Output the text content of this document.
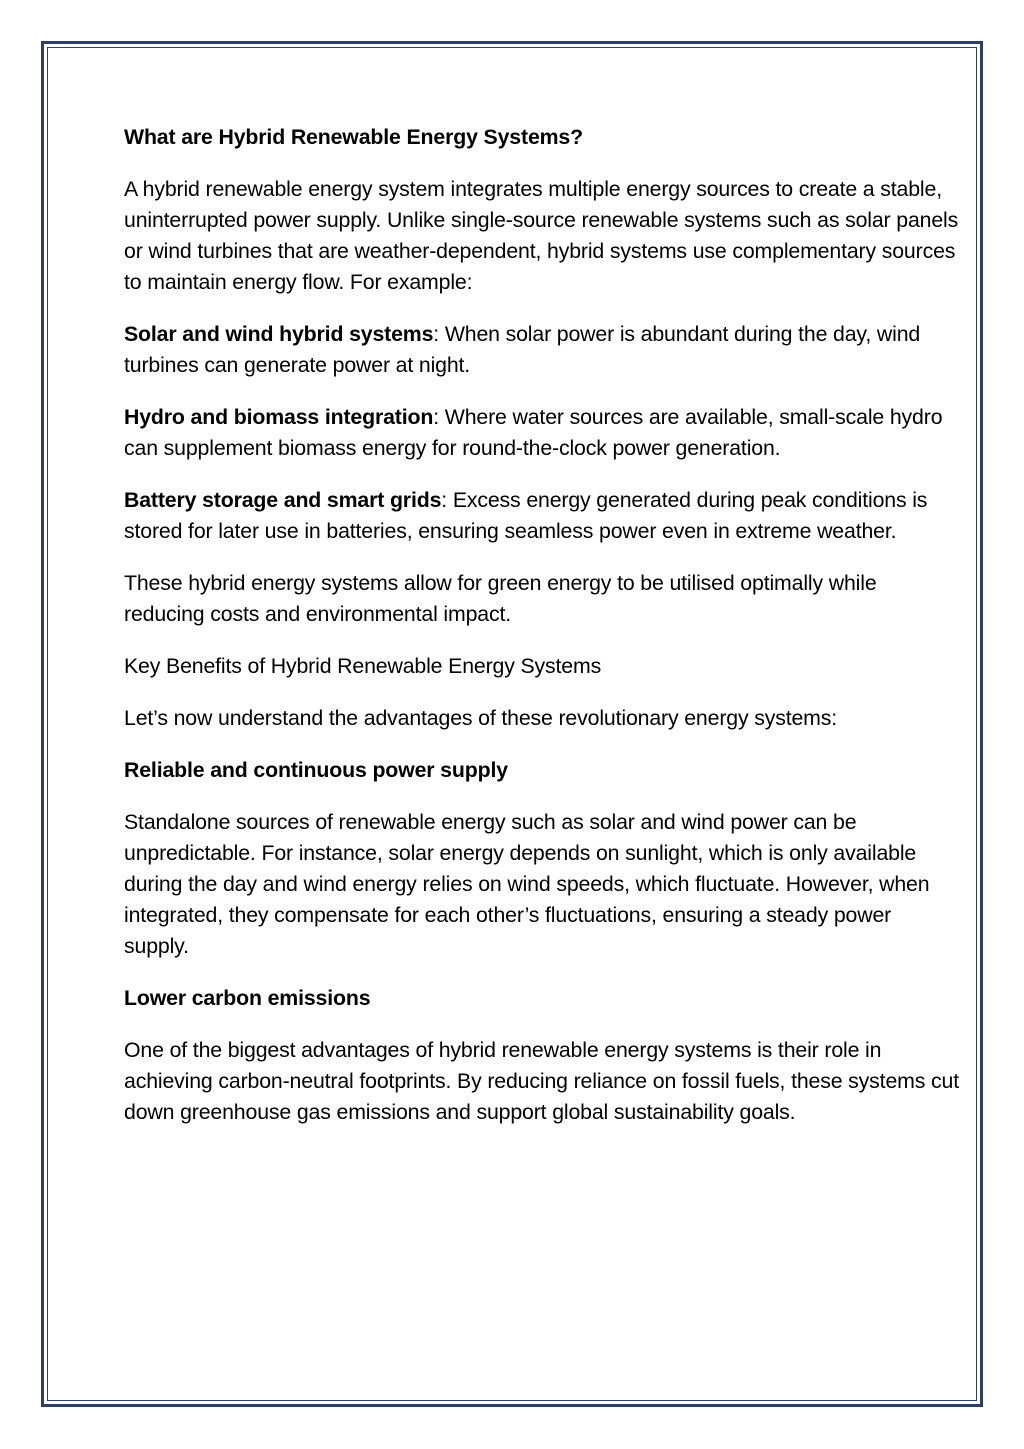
What are Hybrid Renewable Energy Systems?

A hybrid renewable energy system integrates multiple energy sources to create a stable, uninterrupted power supply. Unlike single-source renewable systems such as solar panels or wind turbines that are weather-dependent, hybrid systems use complementary sources to maintain energy flow. For example:

Solar and wind hybrid systems: When solar power is abundant during the day, wind turbines can generate power at night.

Hydro and biomass integration: Where water sources are available, small-scale hydro can supplement biomass energy for round-the-clock power generation.

Battery storage and smart grids: Excess energy generated during peak conditions is stored for later use in batteries, ensuring seamless power even in extreme weather.

These hybrid energy systems allow for green energy to be utilised optimally while reducing costs and environmental impact.

Key Benefits of Hybrid Renewable Energy Systems

Let’s now understand the advantages of these revolutionary energy systems:

Reliable and continuous power supply

Standalone sources of renewable energy such as solar and wind power can be unpredictable. For instance, solar energy depends on sunlight, which is only available during the day and wind energy relies on wind speeds, which fluctuate. However, when integrated, they compensate for each other’s fluctuations, ensuring a steady power supply.

Lower carbon emissions

One of the biggest advantages of hybrid renewable energy systems is their role in achieving carbon-neutral footprints. By reducing reliance on fossil fuels, these systems cut down greenhouse gas emissions and support global sustainability goals.
